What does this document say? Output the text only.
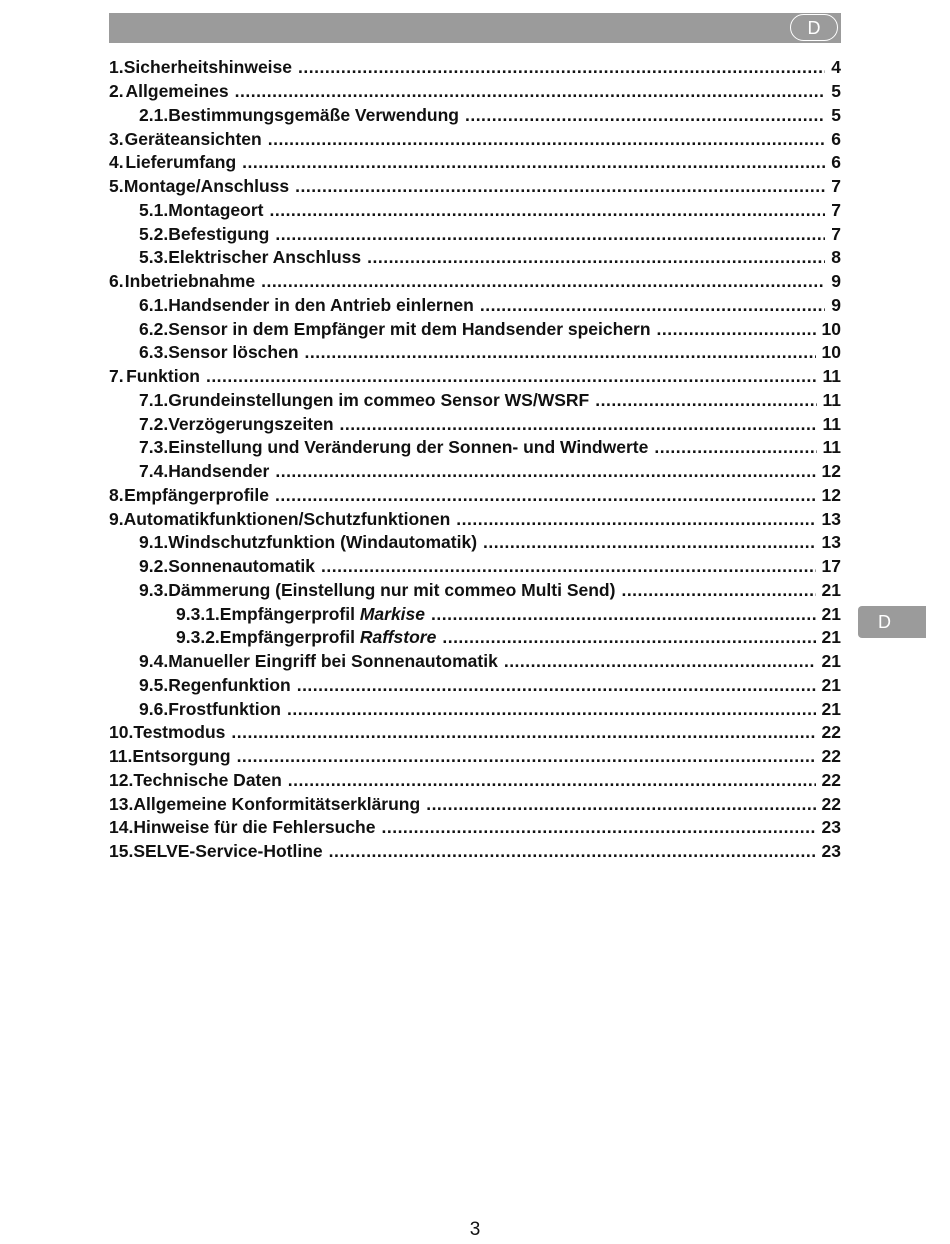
D
D
1. Sicherheitshinweise .....	4
2. Allgemeines .....	5
2.1. Bestimmungsgemäße Verwendung .....	5
3. Geräteansichten .....	6
4. Lieferumfang .....	6
5. Montage/Anschluss .....	7
5.1. Montageort .....	7
5.2. Befestigung .....	7
5.3. Elektrischer Anschluss .....	8
6. Inbetriebnahme .....	9
6.1. Handsender in den Antrieb einlernen .....	9
6.2. Sensor in dem Empfänger mit dem Handsender speichern .....	10
6.3. Sensor löschen .....	10
7. Funktion .....	11
7.1. Grundeinstellungen im commeo Sensor WS/WSRF .....	11
7.2. Verzögerungszeiten .....	11
7.3. Einstellung und Veränderung der Sonnen- und Windwerte .....	11
7.4. Handsender .....	12
8. Empfängerprofile .....	12
9. Automatikfunktionen/Schutzfunktionen .....	13
9.1. Windschutzfunktion (Windautomatik) .....	13
9.2. Sonnenautomatik .....	17
9.3. Dämmerung (Einstellung nur mit commeo Multi Send) .....	21
9.3.1. Empfängerprofil Markise .....	21
9.3.2. Empfängerprofil Raffstore .....	21
9.4. Manueller Eingriff bei Sonnenautomatik .....	21
9.5. Regenfunktion .....	21
9.6. Frostfunktion .....	21
10. Testmodus .....	22
11. Entsorgung .....	22
12. Technische Daten .....	22
13. Allgemeine Konformitätserklärung .....	22
14. Hinweise für die Fehlersuche .....	23
15. SELVE-Service-Hotline .....	23
3
